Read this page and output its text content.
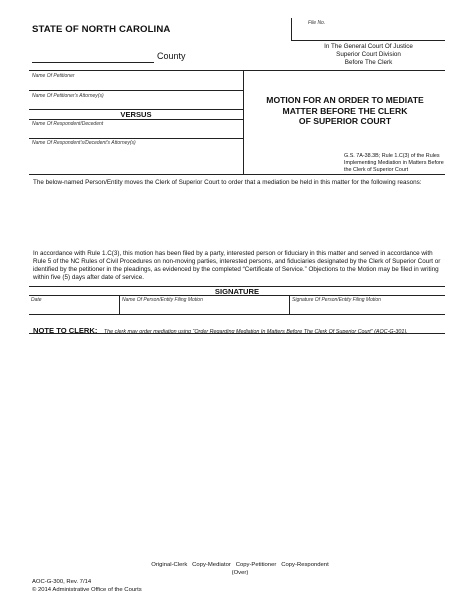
STATE OF NORTH CAROLINA
County
File No.
In The General Court Of Justice
Superior Court Division
Before The Clerk
Name Of Petitioner
Name Of Petitioner's Attorney(s)
VERSUS
Name Of Respondent/Decedent
Name Of Respondent's/Decedent's Attorney(s)
MOTION FOR AN ORDER TO MEDIATE
MATTER BEFORE THE CLERK
OF SUPERIOR COURT
G.S. 7A-38.3B; Rule 1.C(3) of the Rules
Implementing Mediation in Matters Before
the Clerk of Superior Court
The below-named Person/Entity moves the Clerk of Superior Court to order that a mediation be held in this matter for the following reasons:
In accordance with Rule 1.C(3), this motion has been filed by a party, interested person or fiduciary in this matter and served in accordance with Rule 5 of the NC Rules of Civil Procedures on non-moving parties, interested persons, and fiduciaries designated by the Clerk of Superior Court or identified by the petitioner in the pleadings, as evidenced by the completed “Certificate of Service.” Objections to the Motion may be filed in writing within five (5) days after date of service.
SIGNATURE
Date	Name Of Person/Entity Filing Motion	Signature Of Person/Entity Filing Motion
NOTE TO CLERK: The clerk may order mediation using “Order Regarding Mediation In Matters Before The Clerk Of Superior Court” (AOC-G-301).
Original-Clerk   Copy-Mediator   Copy-Petitioner   Copy-Respondent
(Over)
AOC-G-300, Rev. 7/14
© 2014 Administrative Office of the Courts
